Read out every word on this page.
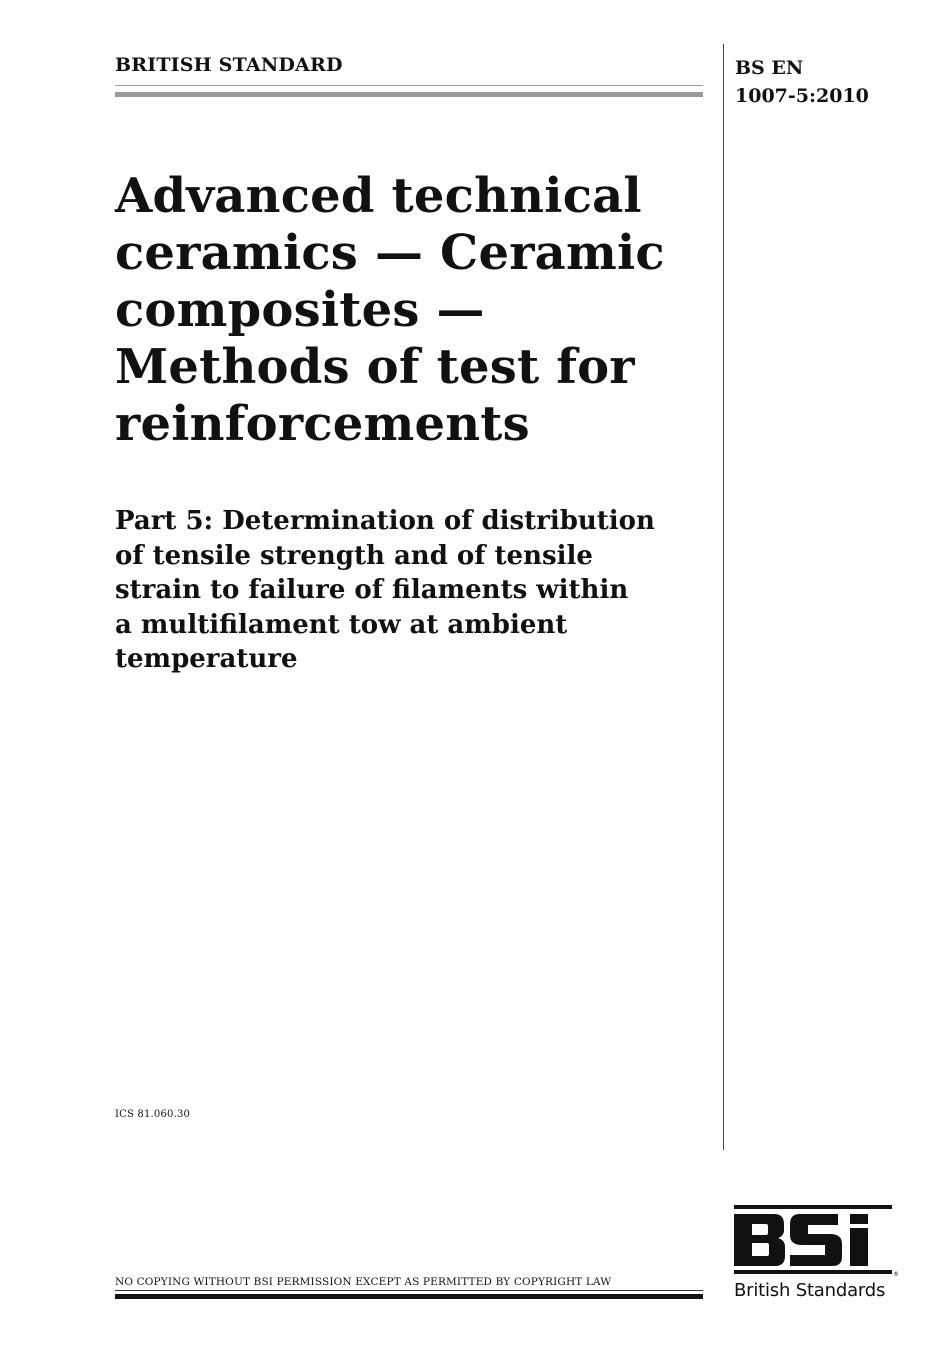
BRITISH STANDARD	BS EN
1007-5:2010
Advanced technical
ceramics — Ceramic
composites —
Methods of test for
reinforcements
Part 5: Determination of distribution
of tensile strength and of tensile
strain to failure of filaments within
a multifilament tow at ambient
temperature
ICS 81.060.30
NO COPYING WITHOUT BSI PERMISSION EXCEPT AS PERMITTED BY COPYRIGHT LAW
®
British Standards
